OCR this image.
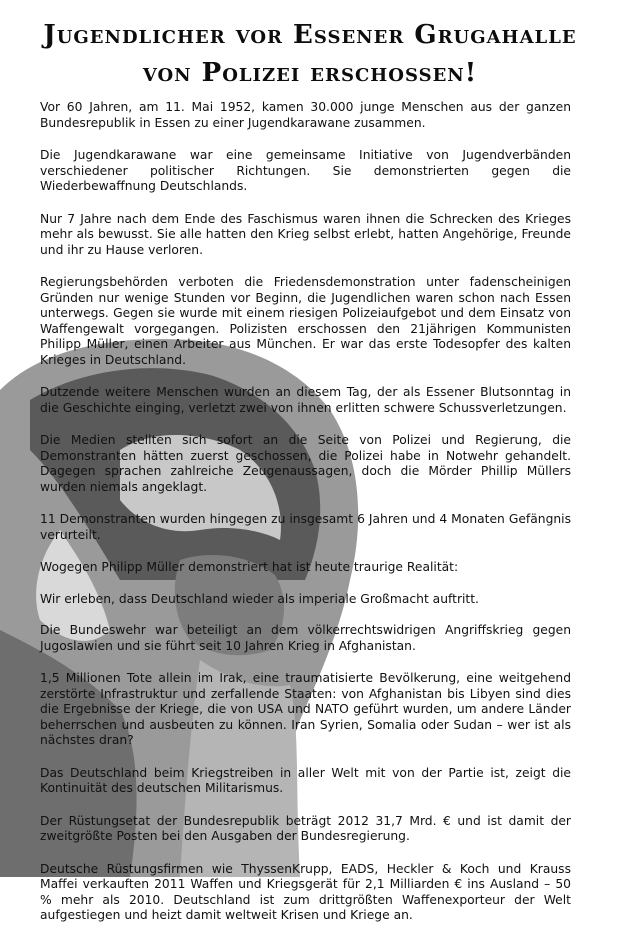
Jugendlicher vor Essener Grugahalle
von Polizei erschossen!

Vor 60 Jahren, am 11. Mai 1952, kamen 30.000 junge Menschen aus der ganzen Bundesrepublik in Essen zu einer Jugendkarawane zusammen.

Die Jugendkarawane war eine gemeinsame Initiative von Jugendverbänden verschiedener politischer Richtungen. Sie demonstrierten gegen die Wiederbewaffnung Deutschlands.

Nur 7 Jahre nach dem Ende des Faschismus waren ihnen die Schrecken des Krieges mehr als bewusst. Sie alle hatten den Krieg selbst erlebt, hatten Angehörige, Freunde und ihr zu Hause verloren.

Regierungsbehörden verboten die Friedensdemonstration unter fadenscheinigen Gründen nur wenige Stunden vor Beginn, die Jugendlichen waren schon nach Essen unterwegs. Gegen sie wurde mit einem riesigen Polizeiaufgebot und dem Einsatz von Waffengewalt vorgegangen. Polizisten erschossen den 21jährigen Kommunisten Philipp Müller, einen Arbeiter aus München. Er war das erste Todesopfer des kalten Krieges in Deutschland.

Dutzende weitere Menschen wurden an diesem Tag, der als Essener Blutsonntag in die Geschichte einging, verletzt zwei von ihnen erlitten schwere Schussverletzungen.

Die Medien stellten sich sofort an die Seite von Polizei und Regierung, die Demonstranten hätten zuerst geschossen, die Polizei habe in Notwehr gehandelt. Dagegen sprachen zahlreiche Zeugenaussagen, doch die Mörder Phillip Müllers wurden niemals angeklagt.

11 Demonstranten wurden hingegen zu insgesamt 6 Jahren und 4 Monaten Gefängnis verurteilt.

Wogegen Philipp Müller demonstriert hat ist heute traurige Realität:

Wir erleben, dass Deutschland wieder als imperiale Großmacht auftritt.

Die Bundeswehr war beteiligt an dem völkerrechtswidrigen Angriffskrieg gegen Jugoslawien und sie führt seit 10 Jahren Krieg in Afghanistan.

1,5 Millionen Tote allein im Irak, eine traumatisierte Bevölkerung, eine weitgehend zerstörte Infrastruktur und zerfallende Staaten: von Afghanistan bis Libyen sind dies die Ergebnisse der Kriege, die von USA und NATO geführt wurden, um andere Länder beherrschen und ausbeuten zu können. Iran Syrien, Somalia oder Sudan – wer ist als nächstes dran?

Das Deutschland beim Kriegstreiben in aller Welt mit von der Partie ist, zeigt die Kontinuität des deutschen Militarismus.

Der Rüstungsetat der Bundesrepublik beträgt 2012 31,7 Mrd. € und ist damit der zweitgrößte Posten bei den Ausgaben der Bundesregierung.

Deutsche Rüstungsfirmen wie ThyssenKrupp, EADS, Heckler & Koch und Krauss Maffei verkauften 2011 Waffen und Kriegsgerät für 2,1 Milliarden € ins Ausland – 50 % mehr als 2010. Deutschland ist zum drittgrößten Waffenexporteur der Welt aufgestiegen und heizt damit weltweit Krisen und Kriege an.
